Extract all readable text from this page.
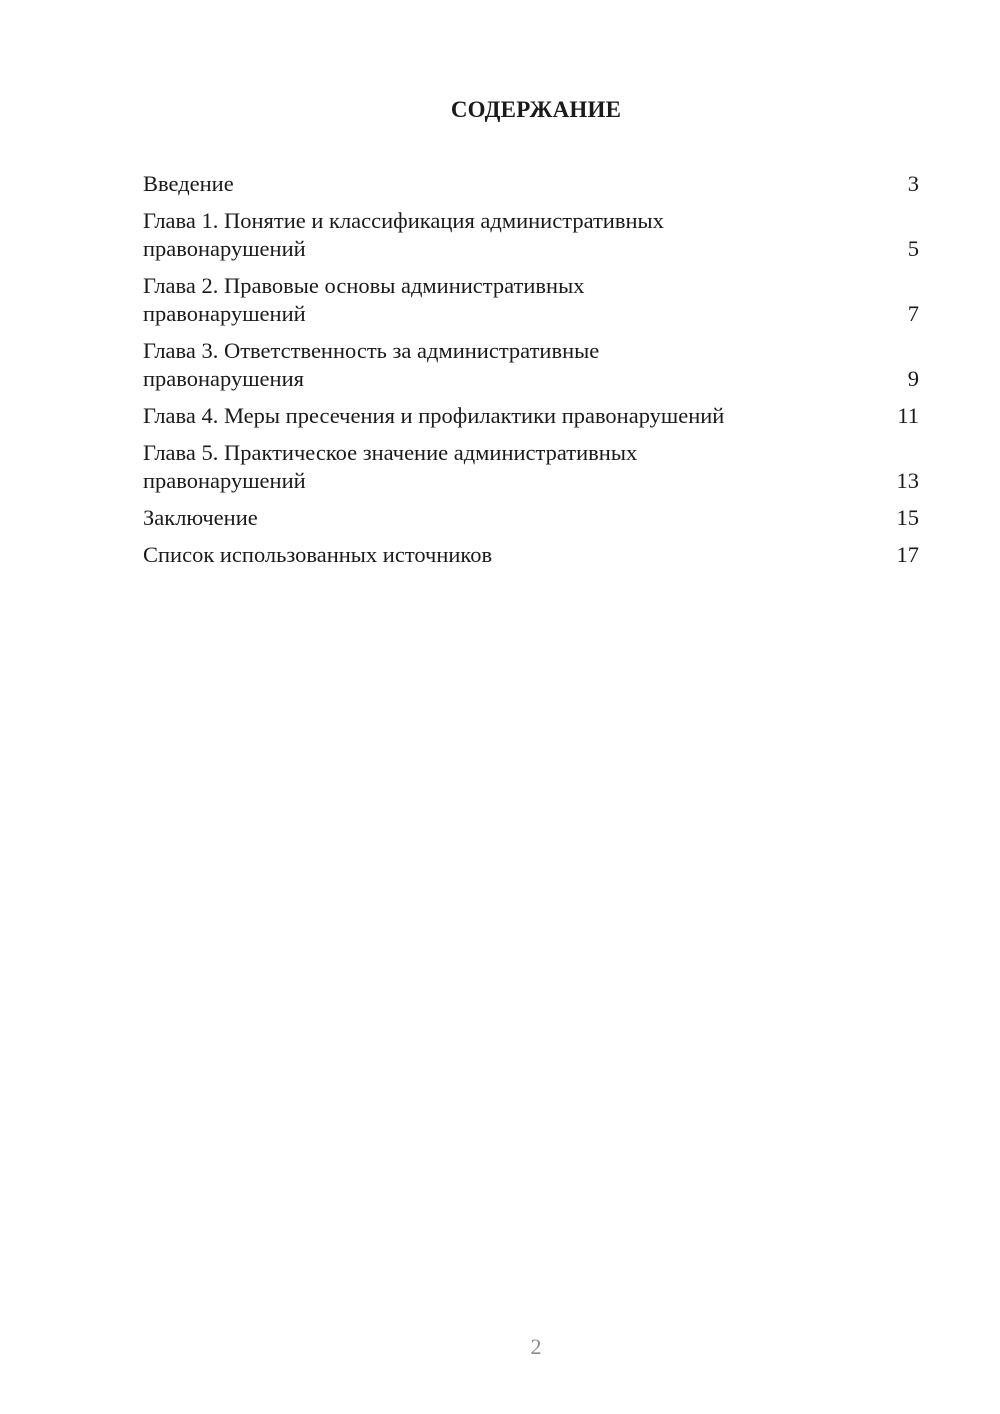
СОДЕРЖАНИЕ
Введение	3
Глава 1. Понятие и классификация административных
правонарушений	5
Глава 2. Правовые основы административных
правонарушений	7
Глава 3. Ответственность за административные
правонарушения	9
Глава 4. Меры пресечения и профилактики правонарушений	11
Глава 5. Практическое значение административных
правонарушений	13
Заключение	15
Список использованных источников	17
2
